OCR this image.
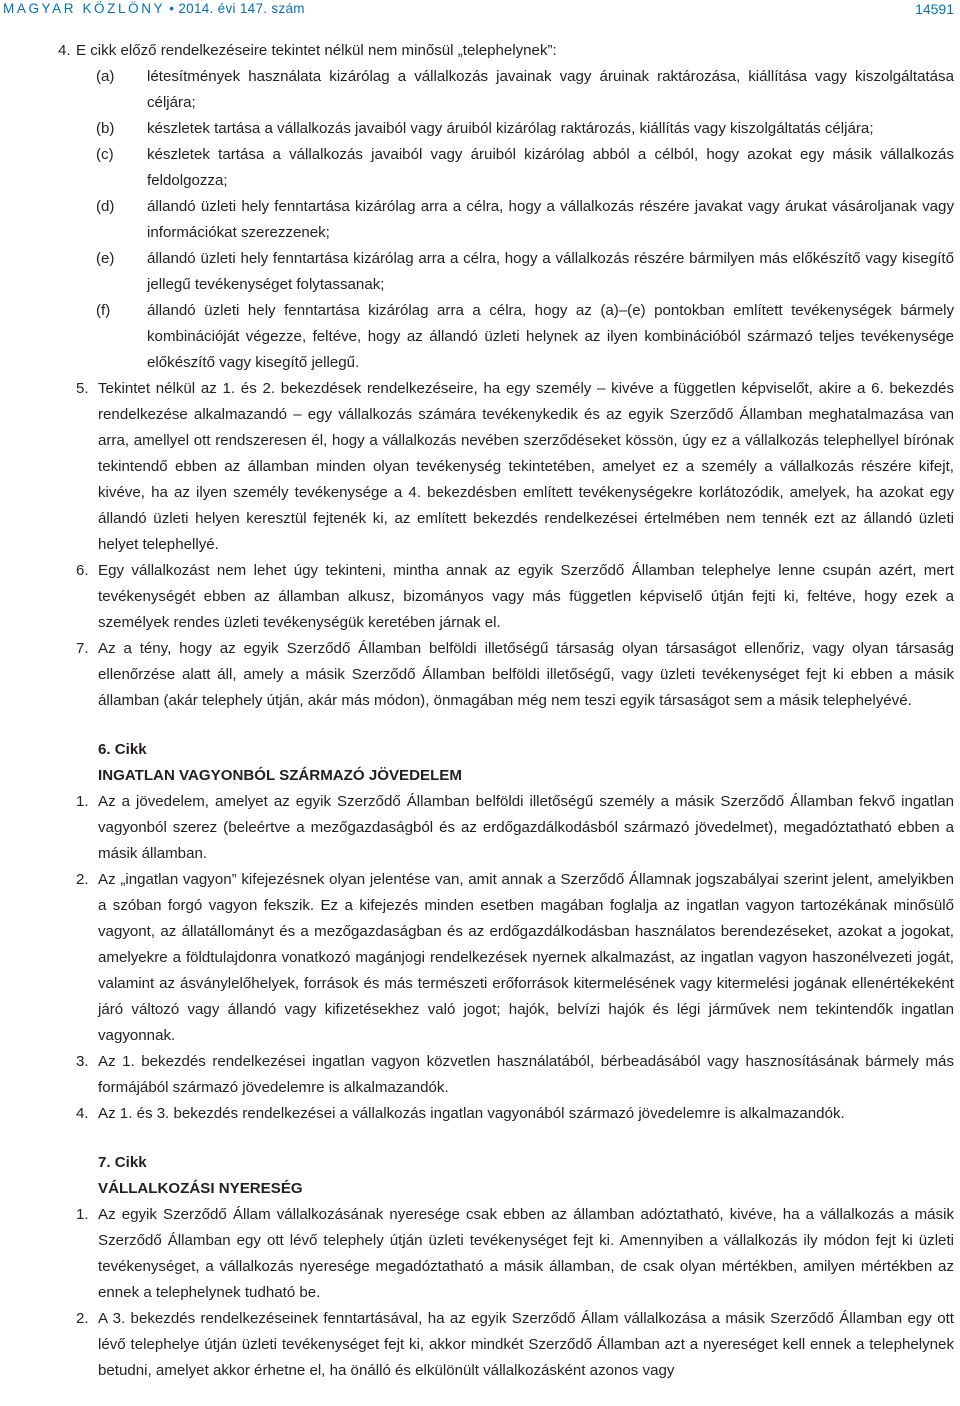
MAGYAR KÖZLÖNY • 2014. évi 147. szám	14591
4. E cikk előző rendelkezéseire tekintet nélkül nem minősül „telephelynek”:
(a) létesítmények használata kizárólag a vállalkozás javainak vagy áruinak raktározása, kiállítása vagy kiszolgáltatása céljára;
(b) készletek tartása a vállalkozás javaiból vagy áruiból kizárólag raktározás, kiállítás vagy kiszolgáltatás céljára;
(c) készletek tartása a vállalkozás javaiból vagy áruiból kizárólag abból a célból, hogy azokat egy másik vállalkozás feldolgozza;
(d) állandó üzleti hely fenntartása kizárólag arra a célra, hogy a vállalkozás részére javakat vagy árukat vásároljanak vagy információkat szerezzenek;
(e) állandó üzleti hely fenntartása kizárólag arra a célra, hogy a vállalkozás részére bármilyen más előkészítő vagy kisegítő jellegű tevékenységet folytassanak;
(f) állandó üzleti hely fenntartása kizárólag arra a célra, hogy az (a)–(e) pontokban említett tevékenységek bármely kombinációját végezze, feltéve, hogy az állandó üzleti helynek az ilyen kombinációból származó teljes tevékenysége előkészítő vagy kisegítő jellegű.
5. Tekintet nélkül az 1. és 2. bekezdések rendelkezéseire, ha egy személy – kivéve a független képviselőt, akire a 6. bekezdés rendelkezése alkalmazandó – egy vállalkozás számára tevékenykedik és az egyik Szerződő Államban meghatalmazása van arra, amellyel ott rendszeresen él, hogy a vállalkozás nevében szerződéseket kössön, úgy ez a vállalkozás telephellyel bírónak tekintendő ebben az államban minden olyan tevékenység tekintetében, amelyet ez a személy a vállalkozás részére kifejt, kivéve, ha az ilyen személy tevékenysége a 4. bekezdésben említett tevékenységekre korlátozódik, amelyek, ha azokat egy állandó üzleti helyen keresztül fejtenék ki, az említett bekezdés rendelkezései értelmében nem tennék ezt az állandó üzleti helyet telephellyé.
6. Egy vállalkozást nem lehet úgy tekinteni, mintha annak az egyik Szerződő Államban telephelye lenne csupán azért, mert tevékenységét ebben az államban alkusz, bizományos vagy más független képviselő útján fejti ki, feltéve, hogy ezek a személyek rendes üzleti tevékenységük keretében járnak el.
7. Az a tény, hogy az egyik Szerződő Államban belföldi illetőségű társaság olyan társaságot ellenőriz, vagy olyan társaság ellenőrzése alatt áll, amely a másik Szerződő Államban belföldi illetőségű, vagy üzleti tevékenységet fejt ki ebben a másik államban (akár telephely útján, akár más módon), önmagában még nem teszi egyik társaságot sem a másik telephelyévé.
6. Cikk
INGATLAN VAGYONBÓL SZÁRMAZÓ JÖVEDELEM
1. Az a jövedelem, amelyet az egyik Szerződő Államban belföldi illetőségű személy a másik Szerződő Államban fekvő ingatlan vagyonból szerez (beleértve a mezőgazdaságból és az erdőgazdálkodásból származó jövedelmet), megadóztatható ebben a másik államban.
2. Az „ingatlan vagyon” kifejezésnek olyan jelentése van, amit annak a Szerződő Államnak jogszabályai szerint jelent, amelyikben a szóban forgó vagyon fekszik. Ez a kifejezés minden esetben magában foglalja az ingatlan vagyon tartozékának minősülő vagyont, az állatállományt és a mezőgazdaságban és az erdőgazdálkodásban használatos berendezéseket, azokat a jogokat, amelyekre a földtulajdonra vonatkozó magánjogi rendelkezések nyernek alkalmazást, az ingatlan vagyon haszonélvezeti jogát, valamint az ásványlelőhelyek, források és más természeti erőforrások kitermelésének vagy kitermelési jogának ellenértékeként járó változó vagy állandó vagy kifizetésekhez való jogot; hajók, belvízi hajók és légi járművek nem tekintendők ingatlan vagyonnak.
3. Az 1. bekezdés rendelkezései ingatlan vagyon közvetlen használatából, bérbeadásából vagy hasznosításának bármely más formájából származó jövedelemre is alkalmazandók.
4. Az 1. és 3. bekezdés rendelkezései a vállalkozás ingatlan vagyonából származó jövedelemre is alkalmazandók.
7. Cikk
VÁLLALKOZÁSI NYERESÉG
1. Az egyik Szerződő Állam vállalkozásának nyeresége csak ebben az államban adóztatható, kivéve, ha a vállalkozás a másik Szerződő Államban egy ott lévő telephely útján üzleti tevékenységet fejt ki. Amennyiben a vállalkozás ily módon fejt ki üzleti tevékenységet, a vállalkozás nyeresége megadóztatható a másik államban, de csak olyan mértékben, amilyen mértékben az ennek a telephelynek tudható be.
2. A 3. bekezdés rendelkezéseinek fenntartásával, ha az egyik Szerződő Állam vállalkozása a másik Szerződő Államban egy ott lévő telephelye útján üzleti tevékenységet fejt ki, akkor mindkét Szerződő Államban azt a nyereséget kell ennek a telephelynek betudni, amelyet akkor érhetne el, ha önálló és elkülönült vállalkozásként azonos vagy
